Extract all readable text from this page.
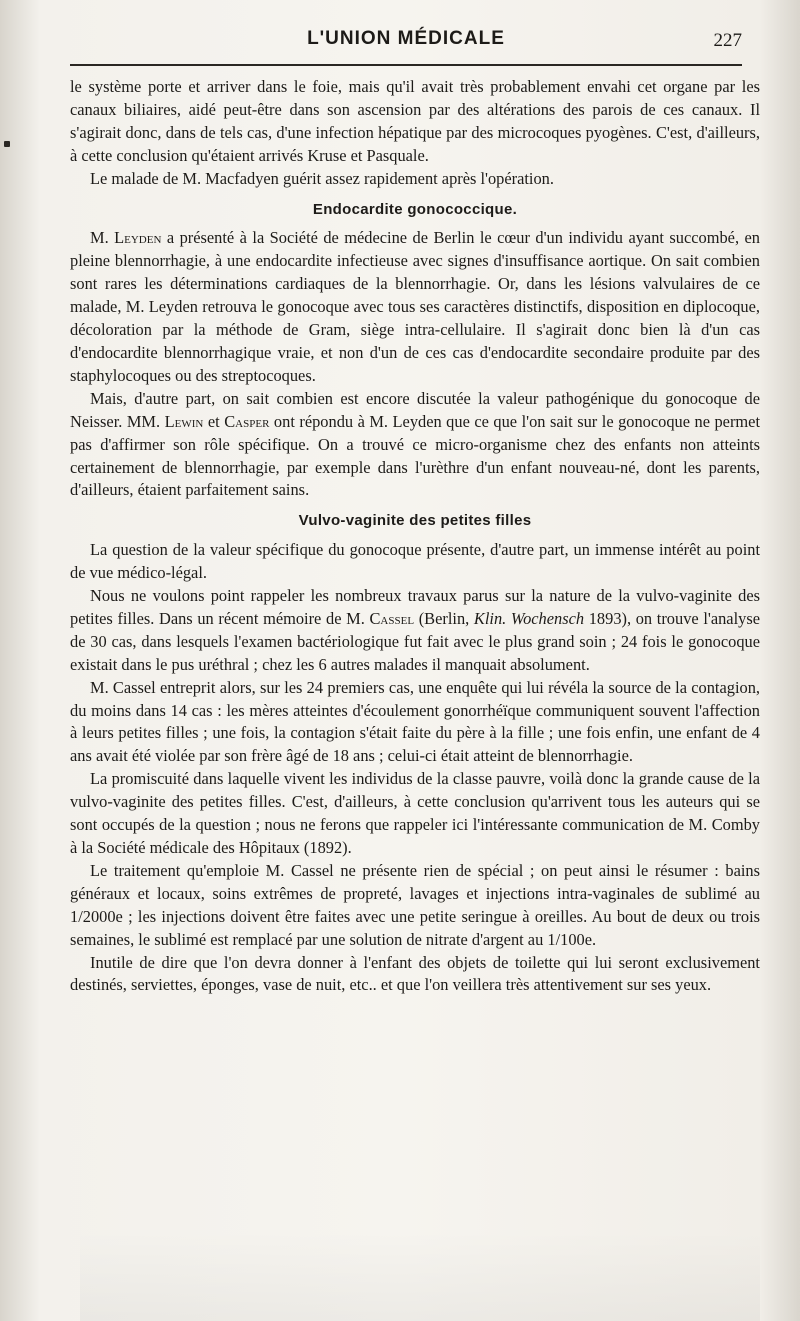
L'UNION MÉDICALE	227

le système porte et arriver dans le foie, mais qu'il avait très probablement envahi cet organe par les canaux biliaires, aidé peut-être dans son ascension par des altérations des parois de ces canaux. Il s'agirait donc, dans de tels cas, d'une infection hépatique par des microcoques pyogènes. C'est, d'ailleurs, à cette conclusion qu'étaient arrivés Kruse et Pasquale.

Le malade de M. Macfadyen guérit assez rapidement après l'opération.

Endocardite gonococcique.

M. Leyden a présenté à la Société de médecine de Berlin le cœur d'un individu ayant succombé, en pleine blennorrhagie, à une endocardite infectieuse avec signes d'insuffisance aortique. On sait combien sont rares les déterminations cardiaques de la blennorrhagie. Or, dans les lésions valvulaires de ce malade, M. Leyden retrouva le gonocoque avec tous ses caractères distinctifs, disposition en diplocoque, décoloration par la méthode de Gram, siège intra-cellulaire. Il s'agirait donc bien là d'un cas d'endocardite blennorrhagique vraie, et non d'un de ces cas d'endocardite secondaire produite par des staphylocoques ou des streptocoques.

Mais, d'autre part, on sait combien est encore discutée la valeur pathogénique du gonocoque de Neisser. MM. Lewin et Casper ont répondu à M. Leyden que ce que l'on sait sur le gonocoque ne permet pas d'affirmer son rôle spécifique. On a trouvé ce micro-organisme chez des enfants non atteints certainement de blennorrhagie, par exemple dans l'urèthre d'un enfant nouveau-né, dont les parents, d'ailleurs, étaient parfaitement sains.

Vulvo-vaginite des petites filles

La question de la valeur spécifique du gonocoque présente, d'autre part, un immense intérêt au point de vue médico-légal.

Nous ne voulons point rappeler les nombreux travaux parus sur la nature de la vulvo-vaginite des petites filles. Dans un récent mémoire de M. Cassel (Berlin, Klin. Wochensch 1893), on trouve l'analyse de 30 cas, dans lesquels l'examen bactériologique fut fait avec le plus grand soin ; 24 fois le gonocoque existait dans le pus uréthral ; chez les 6 autres malades il manquait absolument.

M. Cassel entreprit alors, sur les 24 premiers cas, une enquête qui lui révéla la source de la contagion, du moins dans 14 cas : les mères atteintes d'écoulement gonorrhéïque communiquent souvent l'affection à leurs petites filles ; une fois, la contagion s'était faite du père à la fille ; une fois enfin, une enfant de 4 ans avait été violée par son frère âgé de 18 ans ; celui-ci était atteint de blennorrhagie.

La promiscuité dans laquelle vivent les individus de la classe pauvre, voilà donc la grande cause de la vulvo-vaginite des petites filles. C'est, d'ailleurs, à cette conclusion qu'arrivent tous les auteurs qui se sont occupés de la question ; nous ne ferons que rappeler ici l'intéressante communication de M. Comby à la Société médicale des Hôpitaux (1892).

Le traitement qu'emploie M. Cassel ne présente rien de spécial ; on peut ainsi le résumer : bains généraux et locaux, soins extrêmes de propreté, lavages et injections intra-vaginales de sublimé au 1/2000e ; les injections doivent être faites avec une petite seringue à oreilles. Au bout de deux ou trois semaines, le sublimé est remplacé par une solution de nitrate d'argent au 1/100e.

Inutile de dire que l'on devra donner à l'enfant des objets de toilette qui lui seront exclusivement destinés, serviettes, éponges, vase de nuit, etc.. et que l'on veillera très attentivement sur ses yeux.
